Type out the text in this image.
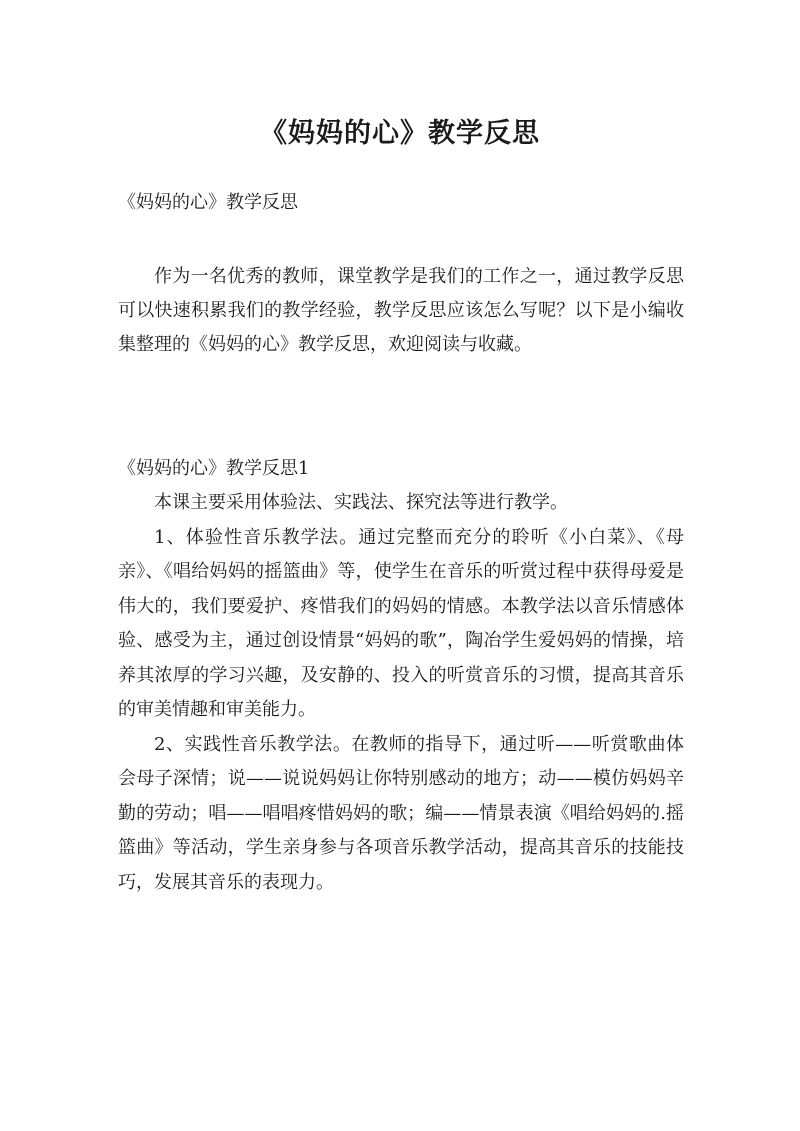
《妈妈的心》教学反思
《妈妈的心》教学反思

作为一名优秀的教师，课堂教学是我们的工作之一，通过教学反思可以快速积累我们的教学经验，教学反思应该怎么写呢？以下是小编收集整理的《妈妈的心》教学反思，欢迎阅读与收藏。

《妈妈的心》教学反思1

本课主要采用体验法、实践法、探究法等进行教学。

1、体验性音乐教学法。通过完整而充分的聆听《小白菜》、《母亲》、《唱给妈妈的摇篮曲》等，使学生在音乐的听赏过程中获得母爱是伟大的，我们要爱护、疼惜我们的妈妈的情感。本教学法以音乐情感体验、感受为主，通过创设情景“妈妈的歌”，陶冶学生爱妈妈的情操，培养其浓厚的学习兴趣，及安静的、投入的听赏音乐的习惯，提高其音乐的审美情趣和审美能力。

2、实践性音乐教学法。在教师的指导下，通过听——听赏歌曲体会母子深情；说——说说妈妈让你特别感动的地方；动——模仿妈妈辛勤的劳动；唱——唱唱疼惜妈妈的歌；编——情景表演《唱给妈妈的.摇篮曲》等活动，学生亲身参与各项音乐教学活动，提高其音乐的技能技巧，发展其音乐的表现力。
